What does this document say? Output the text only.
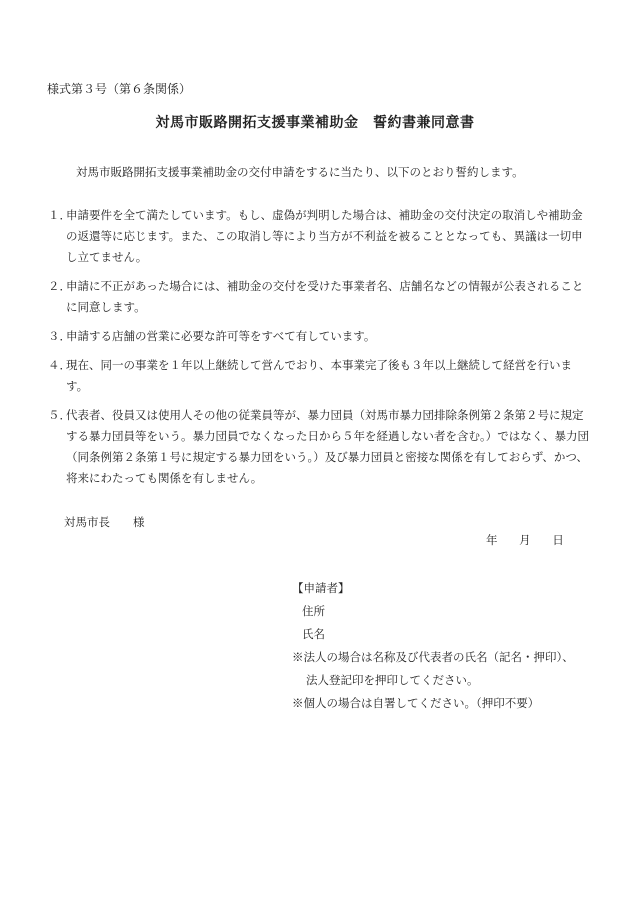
様式第３号（第６条関係）
対馬市販路開拓支援事業補助金　誓約書兼同意書
対馬市販路開拓支援事業補助金の交付申請をするに当たり、以下のとおり誓約します。
１．
申請要件を全て満たしています。もし、虚偽が判明した場合は、補助金の交付決定の取消しや補助金の返還等に応じます。また、この取消し等により当方が不利益を被ることとなっても、異議は一切申し立てません。
２．
申請に不正があった場合には、補助金の交付を受けた事業者名、店舗名などの情報が公表されることに同意します。
３．
申請する店舗の営業に必要な許可等をすべて有しています。
４．
現在、同一の事業を１年以上継続して営んでおり、本事業完了後も３年以上継続して経営を行います。
５．
代表者、役員又は使用人その他の従業員等が、暴力団員（対馬市暴力団排除条例第２条第２号に規定する暴力団員等をいう。暴力団員でなくなった日から５年を経過しない者を含む。）ではなく、暴力団（同条例第２条第１号に規定する暴力団をいう。）及び暴力団員と密接な関係を有しておらず、かつ、将来にわたっても関係を有しません。
対馬市長　　様
年 月 日
【申請者】
住所
氏名
※法人の場合は名称及び代表者の氏名（記名・押印）、
法人登記印を押印してください。
※個人の場合は自署してください。（押印不要）
